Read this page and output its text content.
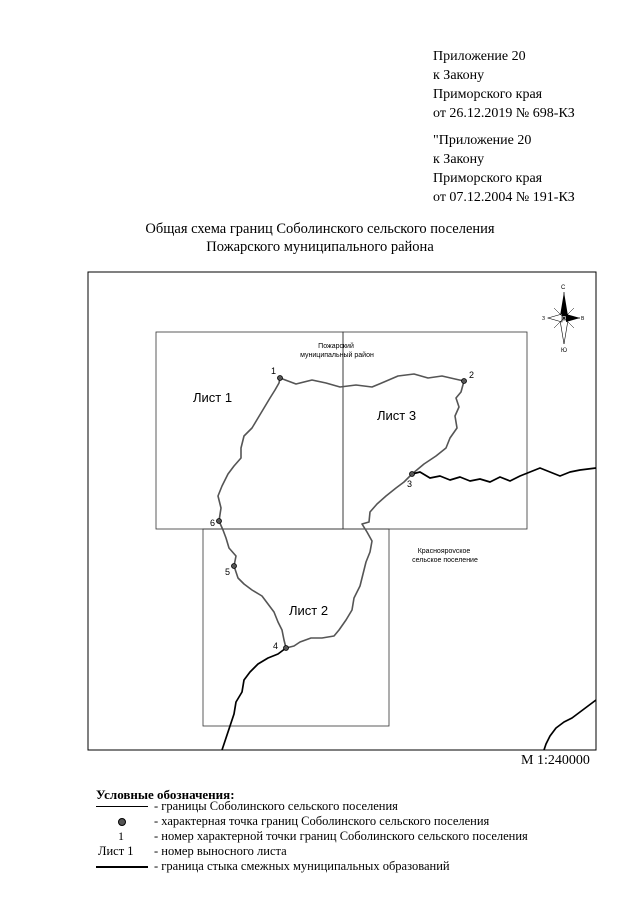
Приложение 20
к Закону
Приморского края
от 26.12.2019 № 698-КЗ
"Приложение 20
к Закону
Приморского края
от 07.12.2004 № 191-КЗ
Общая схема границ Соболинского сельского поселения
Пожарского муниципального района
1	2
3
4
5
6
Лист 1
Лист 2
Лист 3
Пожарский муниципальный район
Красноярovское сельское поселение
С
Ю
З	В
М 1:240000
Условные обозначения:
- границы Соболинского сельского поселения
- характерная точка границ Соболинского сельского поселения
1 - номер характерной точки границ Соболинского сельского поселения
Лист 1 - номер выносного листа
- граница стыка смежных муниципальных образований
